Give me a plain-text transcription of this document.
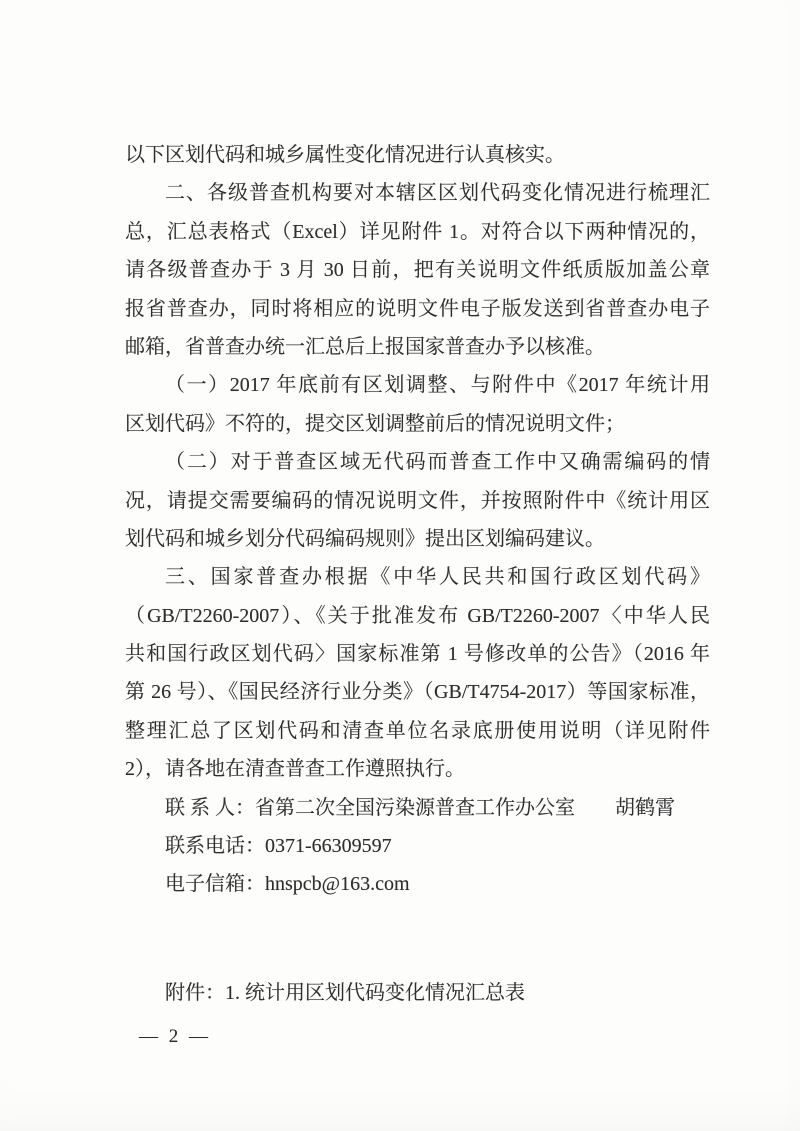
以下区划代码和城乡属性变化情况进行认真核实。
二、各级普查机构要对本辖区区划代码变化情况进行梳理汇
总，汇总表格式（Excel）详见附件 1。对符合以下两种情况的，
请各级普查办于 3 月 30 日前，把有关说明文件纸质版加盖公章
报省普查办，同时将相应的说明文件电子版发送到省普查办电子
邮箱，省普查办统一汇总后上报国家普查办予以核准。
（一）2017 年底前有区划调整、与附件中《2017 年统计用
区划代码》不符的，提交区划调整前后的情况说明文件；
（二）对于普查区域无代码而普查工作中又确需编码的情
况，请提交需要编码的情况说明文件，并按照附件中《统计用区
划代码和城乡划分代码编码规则》提出区划编码建议。
三、国家普查办根据《中华人民共和国行政区划代码》
（GB/T2260-2007）、《关于批准发布 GB/T2260-2007〈中华人民
共和国行政区划代码〉国家标准第 1 号修改单的公告》（2016 年
第 26 号）、《国民经济行业分类》（GB/T4754-2017）等国家标准，
整理汇总了区划代码和清查单位名录底册使用说明（详见附件
2），请各地在清查普查工作遵照执行。
联 系 人：省第二次全国污染源普查工作办公室　　胡鹤霄
联系电话：0371-66309597
电子信箱：hnspcb@163.com
附件：1. 统计用区划代码变化情况汇总表
— 2 —
